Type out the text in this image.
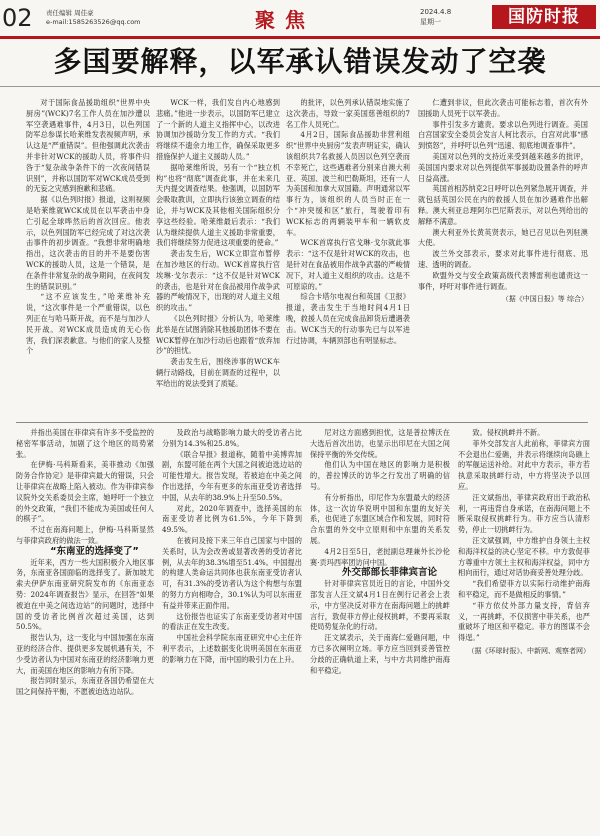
02 责任编辑 周佳豪
e-mail:1585263526@qq.com	聚焦	2024.4.8
星期一	国防时报
多国要解释，以军承认错误发动了空袭

对于国际食品援助组织“世界中央厨房”(WCK)7名工作人员在加沙遭以军空袭遇难事件，4月3日，以色列国防军总参谋长哈莱维发表视频声明，承认这是“严重错误”。但他强调此次袭击并非针对WCK的援助人员，将事件归咎于“复杂战争条件下的一次夜间错误识别”，并称以国防军对WCK成员受到的无妄之灾感到抱歉和悲痛。

据《以色列时报》报道，这则视频是哈莱维就WCK成员在以军袭击中身亡引起全球哗然后的首次回应。他表示，以色列国防军已经完成了对这次袭击事件的初步调查。“我想非常明确地指出，这次袭击的目的并不是要伤害WCK的援助人员，这是一个错误，是在条件非常复杂的战争期间，在夜间发生的错误识别。”

“这不应该发生，”哈莱维补充说，“这次事件是一个严重错误，以色列正在与哈马斯开战，而不是与加沙人民开战。对WCK成员造成的无心伤害，我们深表歉意。与他们的家人及整个

WCK一样，我们发自内心地感到悲痛。”他进一步表示，以国防军已建立了一个新的人道主义指挥中心，以改进协调加沙援助分发工作的方式。“我们将继续不遗余力地工作，确保采取更多措施保护人道主义援助人员。”

据哈莱维所说，另有一个“独立机构”也将“彻底”调查此事，并在未来几天内提交调查结果。他强调，以国防军会吸取教训，立即执行该独立调查的结论，并与WCK及其他相关国际组织分享这些经验。哈莱维最后表示：“我们认为继续提供人道主义援助非常重要，我们将继续努力促进这项重要的使命。”

袭击发生后，WCK立即宣布暂停在加沙地区的行动。WCK首席执行官埃琳·戈尔表示：“这不仅是针对WCK的袭击，也是针对在食品被用作战争武器的严峻情况下，出现的对人道主义组织的攻击。”

《以色列时报》分析认为，哈莱维此举是在试图消除其他援助团体不要在WCK暂停在加沙行动后也跟着“放弃加沙”的担忧。

袭击发生后，围绕涉事的WCK车辆行动路线，目前在调查的过程中，以军给出的说法受到了质疑。

的批评，以色列承认错误地实施了这次袭击，导致一家美国慈善组织的7名工作人员死亡。

4月2日，国际食品援助非营利组织“世界中央厨房”发表声明证实，确认该组织共7名救援人员因以色列空袭而不幸死亡，这些遇难者分别来自澳大利亚、英国、波兰和巴勒斯坦，还有一人为美国和加拿大双国籍。声明通常以军事行为，该组织的人员当时正在一个“冲突缓和区”旅行，驾驶着印有WCK标志的两辆装甲车和一辆软皮车。

WCK首席执行官戈琳·戈尔就此事表示：“这不仅是针对WCK的攻击，也是针对在食品被用作战争武器的严峻情况下，对人道主义组织的攻击。这是不可原谅的。”

综合卡塔尔电视台和英国《卫报》报道，袭击发生于当地时间4月1日晚，救援人员在完成食品卸货后遭遇袭击。WCK当天的行动事先已与以军进行过协调，车辆顶部也有明显标志。

仁遭到非议，但此次袭击可能标志着，首次有外国援助人员死于以军袭击。

事件引发多方谴责。要求以色列进行调查。美国白宫国家安全委员会发言人柯比表示，白宫对此事“感到愤怒”，并呼吁以色列“迅速、彻底地调查事件”。

美国对以色列的支持近来受到越来越多的批评，美国国内要求对以色列提供军事援助设置条件的呼声日益高涨。

英国首相苏纳克2日呼吁以色列紧急展开调查，并就包括英国公民在内的救援人员在加沙遇难作出解释。澳大利亚总理阿尔巴尼斯表示，对以色列给出的解释不满意。

澳大利亚外长黄英贤表示，她已召见以色列驻澳大使。

波兰外交部表示，要求对此事件进行彻底、迅速、透明的调查。

欧盟外交与安全政策高级代表博雷利也谴责这一事件，呼吁对事件进行调查。

（据《中国日报》等 综合）

并指出美国在菲律宾有许多不受监控的秘密军事活动，加剧了这个地区的局势紧张。

在伊梅·马科斯看来，美菲推动《加强防务合作协定》是菲律宾最大的错误，只会让菲律宾在战略上陷入被动。作为菲律宾参议院外交关系委员会主席，她呼吁一个独立的外交政策，“我们不能成为美国或任何人的棋子”。

不过在南海问题上，伊梅·马科斯显然与菲律宾政府的做法一致。

“东南亚的选择变了”

近年来，西方一些大国积极介入地区事务，东南亚各国面临的选择变了。新加坡尤索夫伊萨东南亚研究院发布的《东南亚态势：2024年调查报告》显示，在回答“如果被迫在中美之间选边站”的问题时，选择中国的受访者比例首次超过美国，达到50.5%。

报告认为，这一变化与中国加强在东南亚的经济合作、提供更多发展机遇有关，不少受访者认为中国对东南亚的经济影响力更大，而美国在地区的影响力有所下降。

报告同时显示，东南亚各国仍希望在大国之间保持平衡，不愿被迫选边站队。

及政治与战略影响力最大的受访者占比分别为14.3%和25.8%。

《联合早报》报道称，随着中美博弈加剧，东盟可能在两个大国之间被迫选边站的可能性增大。报告发现，若被迫在中美之间作出选择，今年有更多的东南亚受访者选择中国，从去年的38.9%上升至50.5%。

对此，2020年调查中，选择美国的东南亚受访者比例为61.5%，今年下降到49.5%。

在被问及接下来三年自己国家与中国的关系时，认为会改善或显著改善的受访者比例，从去年的38.3%增至51.4%。中国提出的构建人类命运共同体也获东南亚受访者认可，有31.3%的受访者认为这个构想与东盟的努力方向相吻合，30.1%认为可以东南亚有益并带来正面作用。

这份报告也证实了东南亚受访者对中国的看法正在发生改变。

中国社会科学院东南亚研究中心主任许利平表示，上述数据变化说明美国在东南亚的影响力在下降，而中国的吸引力在上升。

尼对这方面感到担忧，这是普拉博沃在大选后首次出访，也显示出印尼在大国之间保持平衡的外交传统。

他们认为中国在地区的影响力是积极的，普拉博沃的访华之行发出了明确的信号。

有分析指出，印尼作为东盟最大的经济体，这一次访华说明中国和东盟的友好关系，也促进了东盟区域合作和发展，同时符合东盟的外交中立原则和中东盟的关系发展。

4月2日至5日，老挝副总理兼外长沙伦赛·贡玛西率团访问中国。

外交部部长菲律宾言论

针对菲律宾官员近日的言论，中国外交部发言人汪文斌4月1日在例行记者会上表示，中方坚决反对菲方在南海问题上的挑衅言行，敦促菲方停止侵权挑衅，不要再采取使局势复杂化的行动。

汪文斌表示，关于南海仁爱礁问题，中方已多次阐明立场。菲方应当回到妥善管控分歧的正确轨道上来，与中方共同维护南海和平稳定。

致。侵权挑衅并不新。

菲外交部发言人此前称，菲律宾方面不会退出仁爱礁，并表示将继续向岛礁上的军舰运送补给。对此中方表示，菲方若执意采取挑衅行动，中方将坚决予以回应。

汪文斌指出，菲律宾政府出于政治私利，一再违背自身承诺，在南海问题上不断采取侵权挑衅行为。菲方应当认清形势，停止一切挑衅行为。

汪文斌强调，中方维护自身领土主权和海洋权益的决心坚定不移。中方敦促菲方尊重中方领土主权和海洋权益，同中方相向而行，通过对话协商妥善处理分歧。

“我们希望菲方以实际行动维护南海和平稳定，而不是做相反的事情。”

“菲方依仗外部力量支持，背信弃义，一再挑衅，不仅损害中菲关系，也严重破坏了地区和平稳定。菲方的图谋不会得逞。”

（据《环球时报》、中新网、观察者网）
